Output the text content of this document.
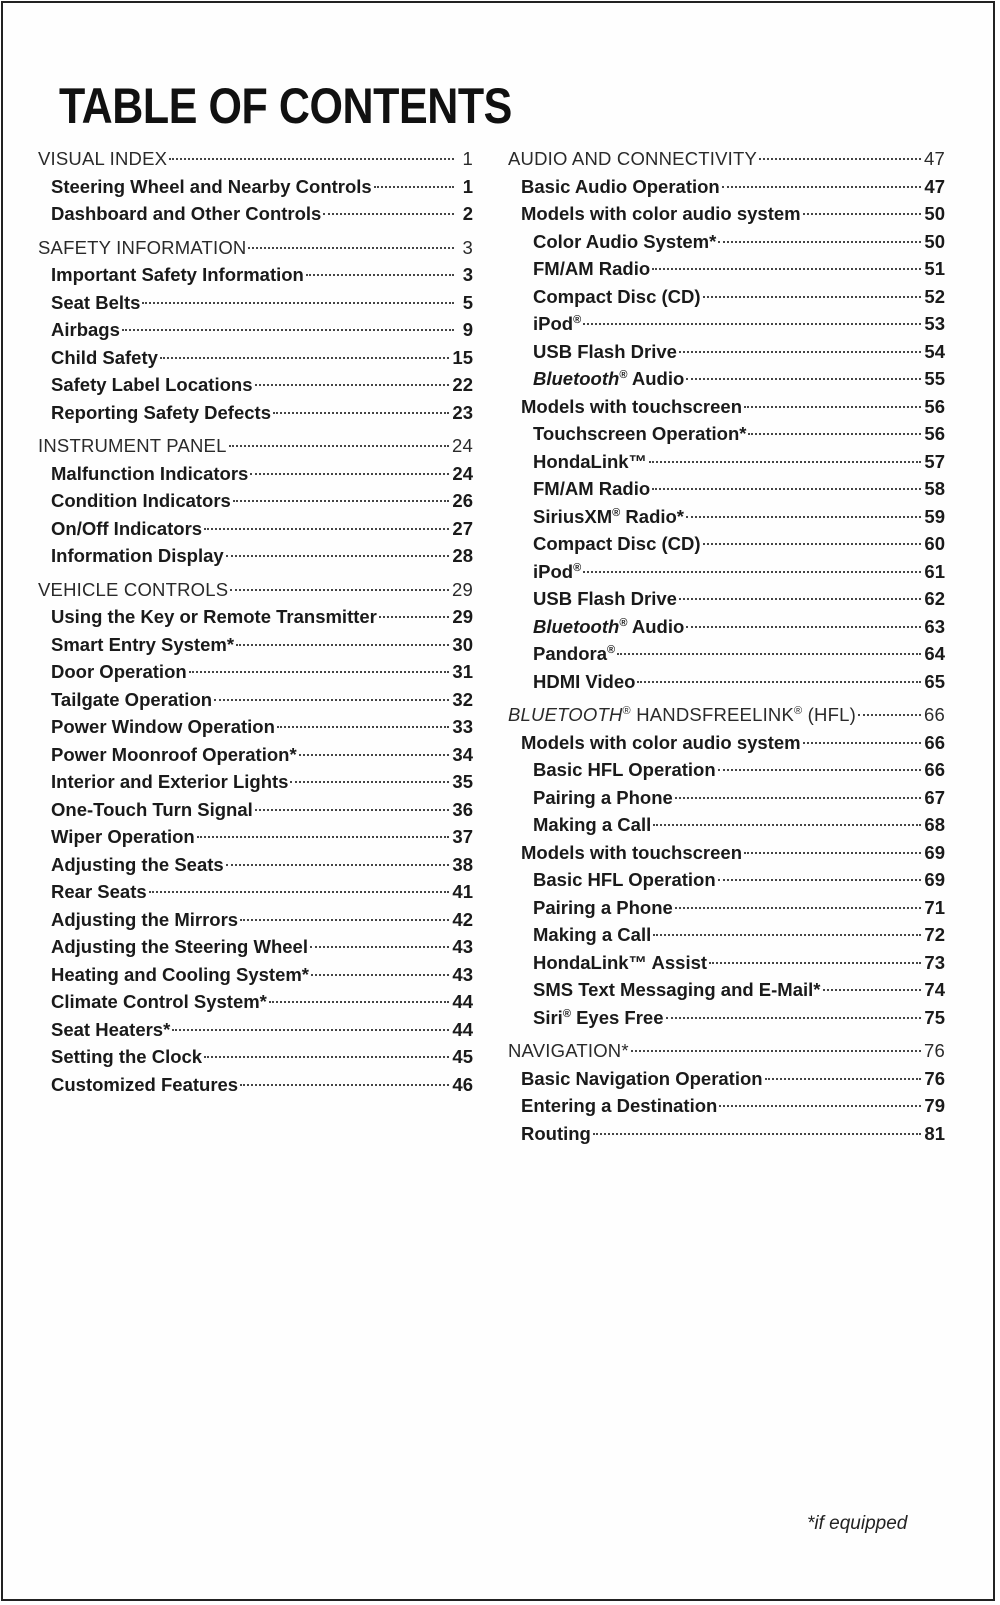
TABLE OF CONTENTS
VISUAL INDEX	1
Steering Wheel and Nearby Controls	1
Dashboard and Other Controls	2
SAFETY INFORMATION	3
Important Safety Information	3
Seat Belts	5
Airbags	9
Child Safety	15
Safety Label Locations	22
Reporting Safety Defects	23
INSTRUMENT PANEL	24
Malfunction Indicators	24
Condition Indicators	26
On/Off Indicators	27
Information Display	28
VEHICLE CONTROLS	29
Using the Key or Remote Transmitter	29
Smart Entry System*	30
Door Operation	31
Tailgate Operation	32
Power Window Operation	33
Power Moonroof Operation*	34
Interior and Exterior Lights	35
One-Touch Turn Signal	36
Wiper Operation	37
Adjusting the Seats	38
Rear Seats	41
Adjusting the Mirrors	42
Adjusting the Steering Wheel	43
Heating and Cooling System*	43
Climate Control System*	44
Seat Heaters*	44
Setting the Clock	45
Customized Features	46
AUDIO AND CONNECTIVITY	47
Basic Audio Operation	47
Models with color audio system	50
Color Audio System*	50
FM/AM Radio	51
Compact Disc (CD)	52
iPod®	53
USB Flash Drive	54
Bluetooth® Audio	55
Models with touchscreen	56
Touchscreen Operation*	56
HondaLink™	57
FM/AM Radio	58
SiriusXM® Radio*	59
Compact Disc (CD)	60
iPod®	61
USB Flash Drive	62
Bluetooth® Audio	63
Pandora®	64
HDMI Video	65
BLUETOOTH® HANDSFREELINK® (HFL)	66
Models with color audio system	66
Basic HFL Operation	66
Pairing a Phone	67
Making a Call	68
Models with touchscreen	69
Basic HFL Operation	69
Pairing a Phone	71
Making a Call	72
HondaLink™ Assist	73
SMS Text Messaging and E-Mail*	74
Siri® Eyes Free	75
NAVIGATION*	76
Basic Navigation Operation	76
Entering a Destination	79
Routing	81
*if equipped
